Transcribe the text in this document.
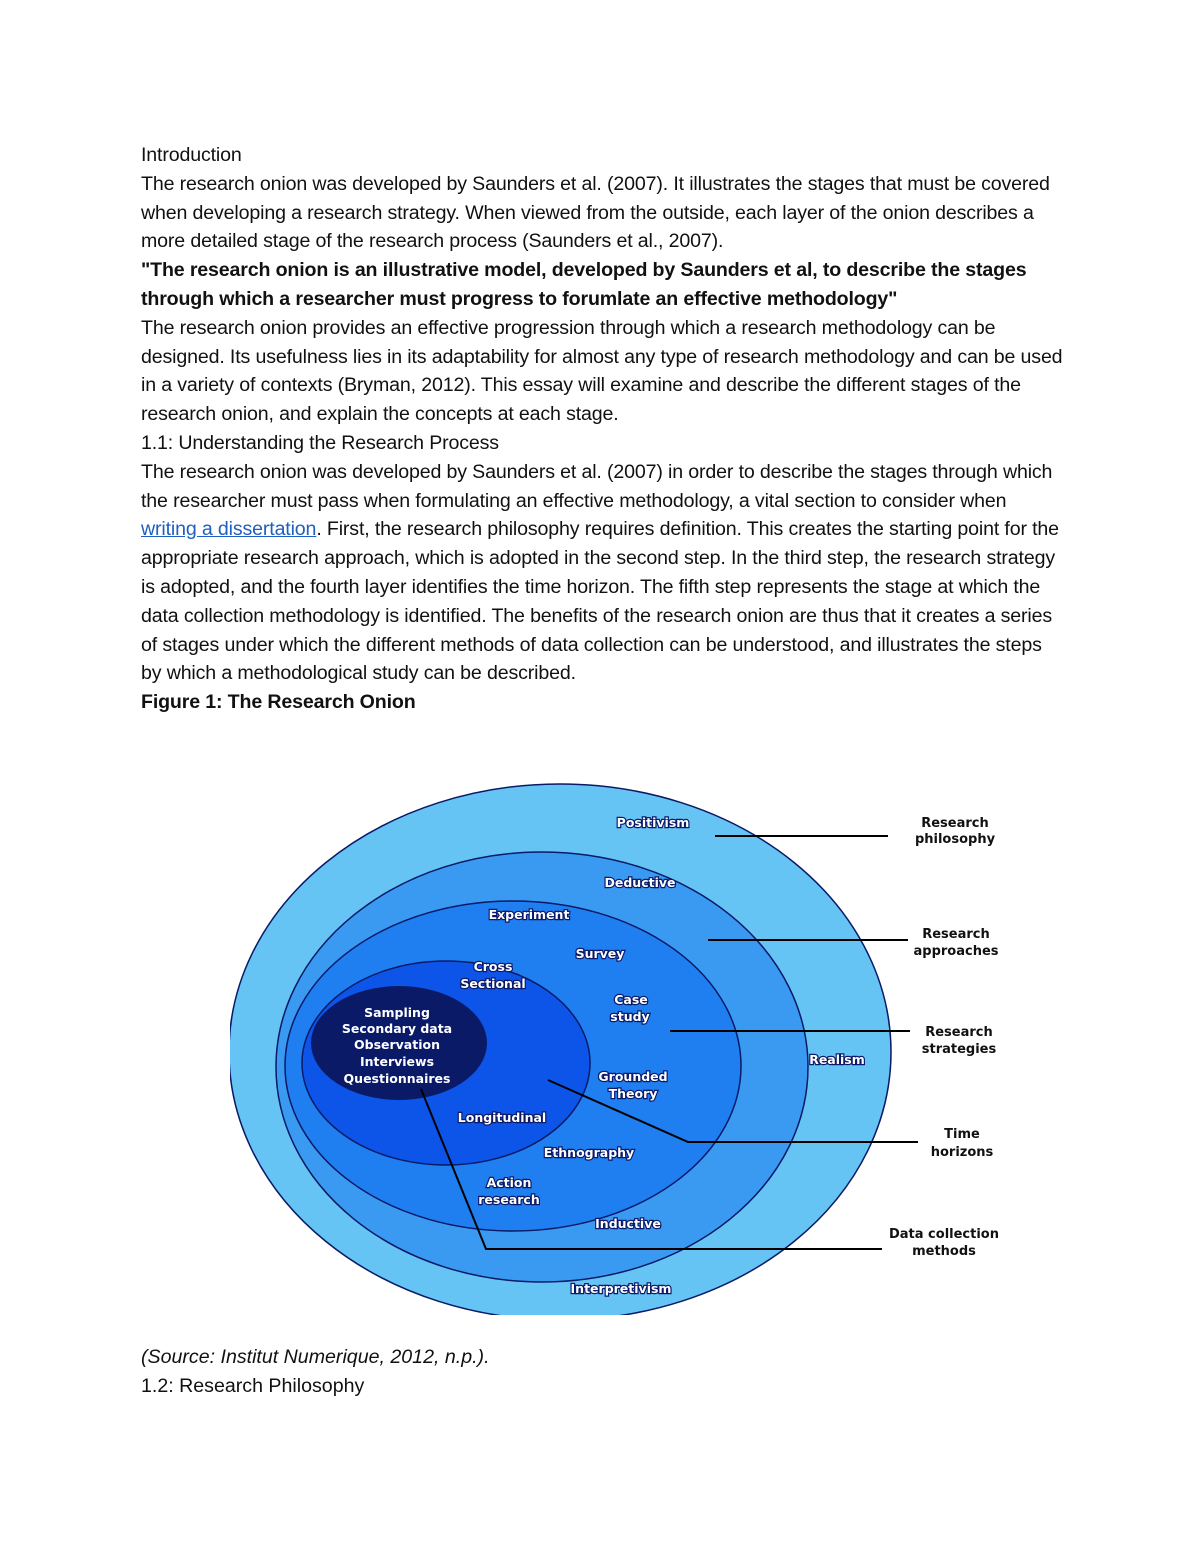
Introduction

The research onion was developed by Saunders et al. (2007). It illustrates the stages that must be covered when developing a research strategy. When viewed from the outside, each layer of the onion describes a more detailed stage of the research process (Saunders et al., 2007).

"The research onion is an illustrative model, developed by Saunders et al, to describe the stages through which a researcher must progress to forumlate an effective methodology"

The research onion provides an effective progression through which a research methodology can be designed. Its usefulness lies in its adaptability for almost any type of research methodology and can be used in a variety of contexts (Bryman, 2012). This essay will examine and describe the different stages of the research onion, and explain the concepts at each stage.

1.1: Understanding the Research Process

The research onion was developed by Saunders et al. (2007) in order to describe the stages through which the researcher must pass when formulating an effective methodology, a vital section to consider when writing a dissertation. First, the research philosophy requires definition. This creates the starting point for the appropriate research approach, which is adopted in the second step. In the third step, the research strategy is adopted, and the fourth layer identifies the time horizon. The fifth step represents the stage at which the data collection methodology is identified. The benefits of the research onion are thus that it creates a series of stages under which the different methods of data collection can be understood, and illustrates the steps by which a methodological study can be described.

Figure 1: The Research Onion

Positivism
Deductive
Experiment
Survey
Cross
Sectional
Case
study
Sampling
Secondary data
Observation
Interviews
Questionnaires
Realism
Grounded
Theory
Longitudinal
Ethnography
Action
research
Inductive
Interpretivism
Research
philosophy
Research
approaches
Research
strategies
Time
horizons
Data collection
methods

(Source: Institut Numerique, 2012, n.p.).

1.2: Research Philosophy
